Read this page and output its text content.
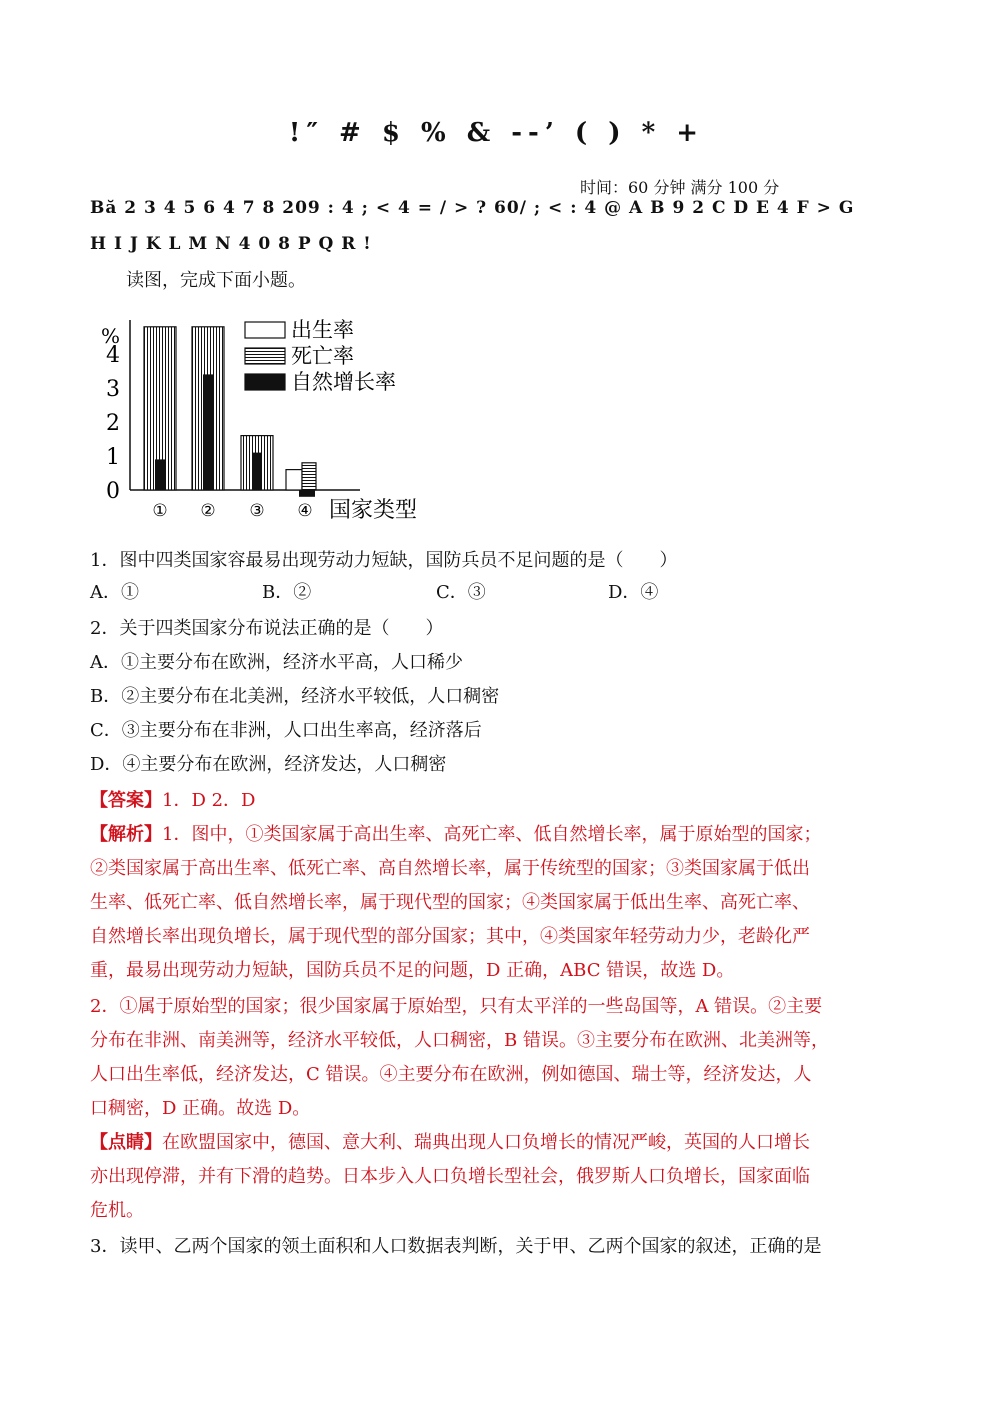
!″ # $ % & --’ ( ) * +
时间：60 分钟 满分 100 分
Bă 2 3 4 5 6 4 7 8 209 : 4 ; < 4 = / > ? 60/ ; < : 4 @ A B 9 2 C D E 4 F > G
H I J K L M N 4 0 8 P Q R !
读图，完成下面小题。
0
1
2
3
4
%
① ② ③ ④ 国家类型
出生率
死亡率
自然增长率
1．图中四类国家容最易出现劳动力短缺，国防兵员不足问题的是（　　）
A．①	B．②	C．③	D．④
2．关于四类国家分布说法正确的是（　　）
A．①主要分布在欧洲，经济水平高，人口稀少
B．②主要分布在北美洲，经济水平较低，人口稠密
C．③主要分布在非洲，人口出生率高，经济落后
D．④主要分布在欧洲，经济发达，人口稠密
【答案】1．D 2．D
【解析】1．图中，①类国家属于高出生率、高死亡率、低自然增长率，属于原始型的国家；
②类国家属于高出生率、低死亡率、高自然增长率，属于传统型的国家；③类国家属于低出
生率、低死亡率、低自然增长率，属于现代型的国家；④类国家属于低出生率、高死亡率、
自然增长率出现负增长，属于现代型的部分国家；其中，④类国家年轻劳动力少，老龄化严
重，最易出现劳动力短缺，国防兵员不足的问题，D 正确，ABC 错误，故选 D。
2．①属于原始型的国家；很少国家属于原始型，只有太平洋的一些岛国等，A 错误。②主要
分布在非洲、南美洲等，经济水平较低，人口稠密，B 错误。③主要分布在欧洲、北美洲等，
人口出生率低，经济发达，C 错误。④主要分布在欧洲，例如德国、瑞士等，经济发达，人
口稠密，D 正确。故选 D。
【点睛】在欧盟国家中，德国、意大利、瑞典出现人口负增长的情况严峻，英国的人口增长
亦出现停滞，并有下滑的趋势。日本步入人口负增长型社会，俄罗斯人口负增长，国家面临
危机。
3．读甲、乙两个国家的领土面积和人口数据表判断，关于甲、乙两个国家的叙述，正确的是
